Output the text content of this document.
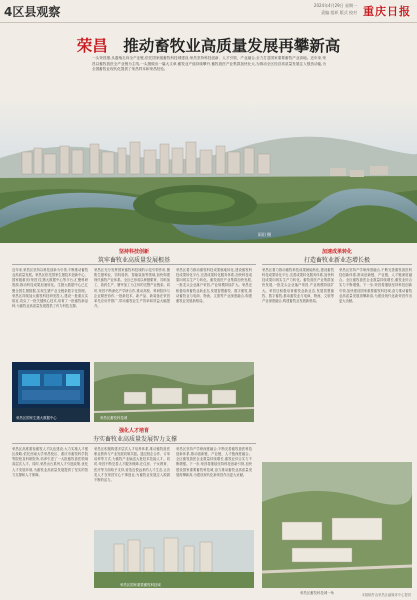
4区县观察	2024年4月29日 星期一
责编 组织 版式 校对 重庆日报
荣昌  推动畜牧业高质量发展再攀新高
一头荣昌猪,从養殖走向全产业链,依托国家级畜牧科技城建设,荣昌坚持科技创新、人才引领、产业融合,全力打造国家重要畜牧产业高地。近年来,荣昌以畜牧兽医全产业链为主线,一头猪做出一篇大文章,畜牧业产值持续攀升,畜牧兽医产业集群加快壮大,为推动全区经济高质量发展注入强劲动能,为全国畜牧业现代化提供了荣昌样本和荣昌经验。
雨田 摄
坚持科技创新
筑牢畜牧业高质量发展根基
近年来,荣昌区坚持以科技创新为引领,不断推动畜牧业高质量发展。荣昌区依托国家生猪技术创新中心、国家级重庆(荣昌)生猪大数据中心等平台,汇聚科研资源,推动科技成果加速转化。生猪大数据中心已汇聚全国生猪数据,实现生猪产业全链条数字化管理。荣昌区持续加大畜牧科技研发投入,建设一批重点实验室,攻克了一批关键核心技术,培育了一批畜牧新品种,为畜牧业高质量发展提供了有力科技支撑。
荣昌区充分发挥国家畜牧科技城的示范引领作用,聚焦生猪种业、饲料兽药、智能装备等领域,加快构建现代畜牧产业体系。全区已形成以种猪繁育、饲料加工、兽药生产、屠宰加工为主体的完整产业链条。同时,荣昌不断深化产学研合作,推动高校、科研院所与企业紧密协作,一批新技术、新产品、新装备在荣昌率先应用并推广,带动畜牧业生产效率和效益大幅提升。
荣昌区着力推动畜牧科技成果就地转化,建设畜牧科技成果转化平台,完善成果转化服务体系,加快科技成果向现实生产力转化。畜牧兽医产业集群加快发展,一批龙头企业落户荣昌,产业规模持续扩大。荣昌还积极培育畜牧业新业态,发展智慧畜牧、数字畜牧,推动畜牧业与电商、物流、文旅等产业深度融合,构建畜牧业发展新格局。
加速成果转化
打造畜牧业新业态增长极
荣昌区着力推动畜牧科技成果就地转化,建设畜牧科技成果转化平台,完善成果转化服务体系,加快科技成果向现实生产力转化。畜牧兽医产业集群加快发展,一批龙头企业落户荣昌,产业规模持续扩大。荣昌还积极培育畜牧业新业态,发展智慧畜牧、数字畜牧,推动畜牧业与电商、物流、文旅等产业深度融合,构建畜牧业发展新格局。
荣昌区坚持产学研深度融合,不断完善畜牧兽医科技创新体系,推动创新链、产业链、人才链深度融合。全区畜牧兽医企业数量持续增长,畜牧业综合实力不断增强。下一步,荣昌将继续坚持科技创新引领,加快建设国家重要畜牧科技城,奋力推动畜牧业高质量发展再攀新高,为建设现代化新荣昌作出更大贡献。
荣昌区国家生猪大数据中心	荣昌区畜牧科技城
强化人才培育
夯实畜牧业高质量发展智力支撑
荣昌区高度重视畜牧人才队伍建设,大力实施人才强区战略,依托西南大学荣昌校区、重庆市畜牧科学院等院校及科研院所,培养引进了一大批畜牧兽医领域高层次人才。同时,荣昌出台系列人才引进政策,优化人才发展环境,为畜牧业高质量发展提供了坚实的智力支撑和人才保障。
荣昌区积极构建多层次人才培养体系,推动畜牧兽医职业教育与产业发展同频共振。通过校企合作、订单培养等方式,为畜牧产业输送大批技术技能人才。同时,荣昌不断完善人才服务保障,在住房、子女教育、医疗等方面给予支持,营造近悦远来的人才生态,让各类人才在荣昌安心干事创业,为畜牧业发展注入源源不断的活力。
荣昌区坚持产学研深度融合,不断完善畜牧兽医科技创新体系,推动创新链、产业链、人才链深度融合。全区畜牧兽医企业数量持续增长,畜牧业综合实力不断增强。下一步,荣昌将继续坚持科技创新引领,加快建设国家重要畜牧科技城,奋力推动畜牧业高质量发展再攀新高,为建设现代化新荣昌作出更大贡献。
荣昌区国家重要畜牧科技城
荣昌区畜牧科技城一角	本版稿件由荣昌区融媒体中心提供
